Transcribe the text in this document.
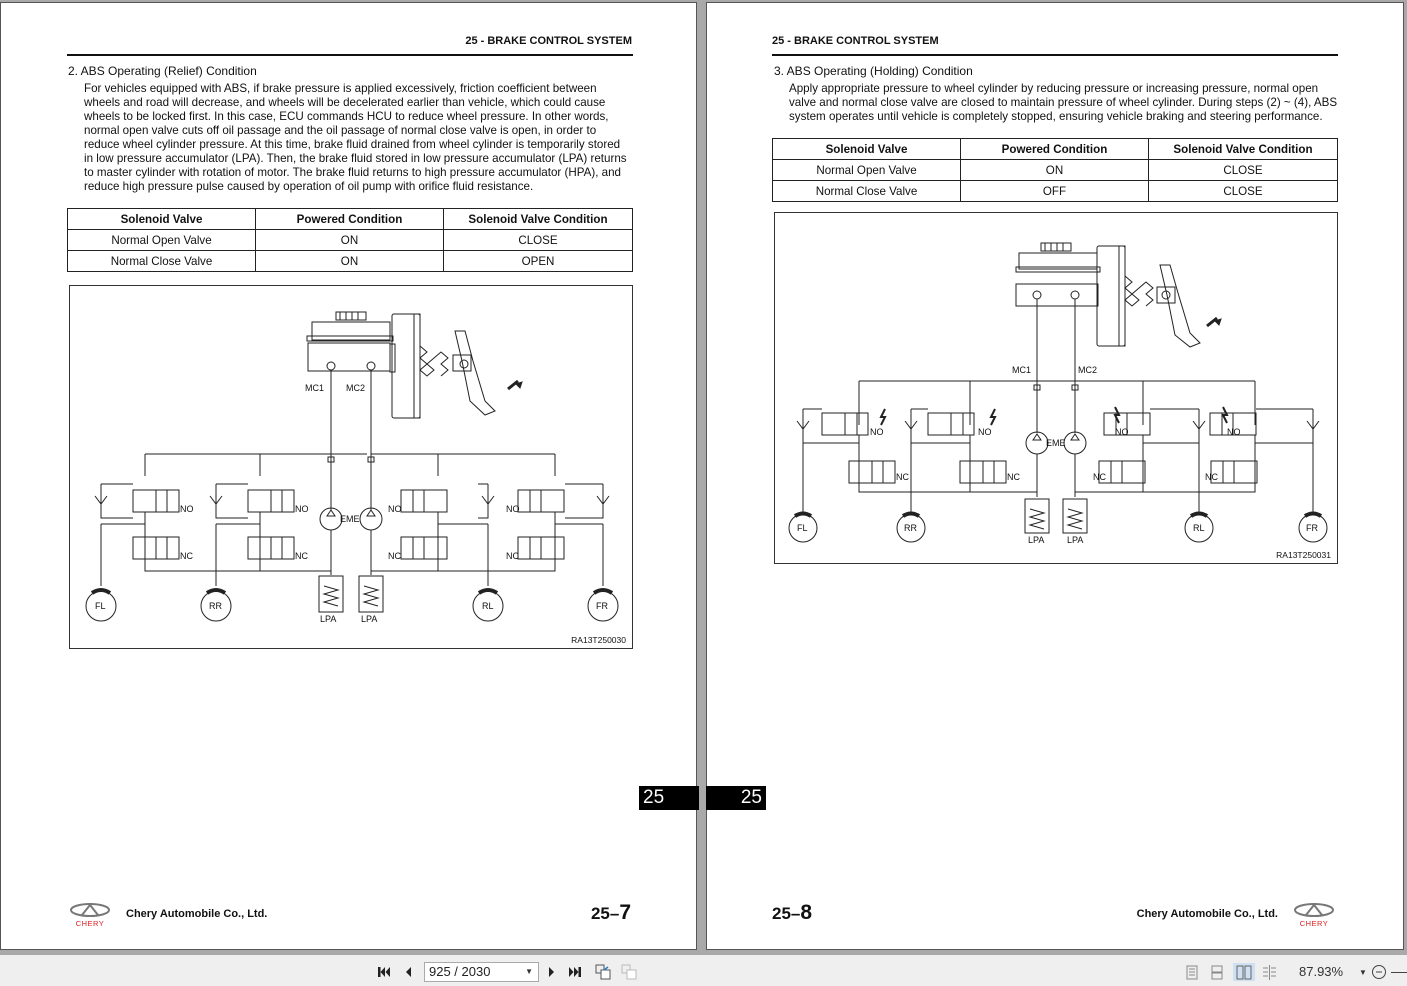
25 - BRAKE CONTROL SYSTEM
2. ABS Operating (Relief) Condition
For vehicles equipped with ABS, if brake pressure is applied excessively, friction coefficient between
wheels and road will decrease, and wheels will be decelerated earlier than vehicle, which could cause
wheels to be locked first. In this case, ECU commands HCU to reduce wheel pressure. In other words,
normal open valve cuts off oil passage and the oil passage of normal close valve is open, in order to
reduce wheel cylinder pressure. At this time, brake fluid drained from wheel cylinder is temporarily stored
in low pressure accumulator (LPA). Then, the brake fluid stored in low pressure accumulator (LPA) returns
to master cylinder with rotation of motor. The brake fluid returns to high pressure accumulator (HPA), and
reduce high pressure pulse caused by operation of oil pump with orifice fluid resistance.
Solenoid Valve	Powered Condition	Solenoid Valve Condition
Normal Open Valve	ON	CLOSE
Normal Close Valve	ON	OPEN
MC1 MC2
EME
NO	NO	NO	NO
NC	NC	NC	NC
LPA	LPA
FL	RR	RL	FR
RA13T250030
25
CHERY
Chery Automobile Co., Ltd.	25–7
25 - BRAKE CONTROL SYSTEM
3. ABS Operating (Holding) Condition
Apply appropriate pressure to wheel cylinder by reducing pressure or increasing pressure, normal open
valve and normal close valve are closed to maintain pressure of wheel cylinder. During steps (2) ~ (4), ABS
system operates until vehicle is completely stopped, ensuring vehicle braking and steering performance.
Solenoid Valve	Powered Condition	Solenoid Valve Condition
Normal Open Valve	ON	CLOSE
Normal Close Valve	OFF	CLOSE
MC1	MC2
EME
NO	NO	NO	NO
NC	NC	NC	NC
LPA	LPA
FL	RR	RL	FR
RA13T250031
25
25–8	Chery Automobile Co., Ltd.
CHERY
925 / 2030	▼	87.93% ▼
